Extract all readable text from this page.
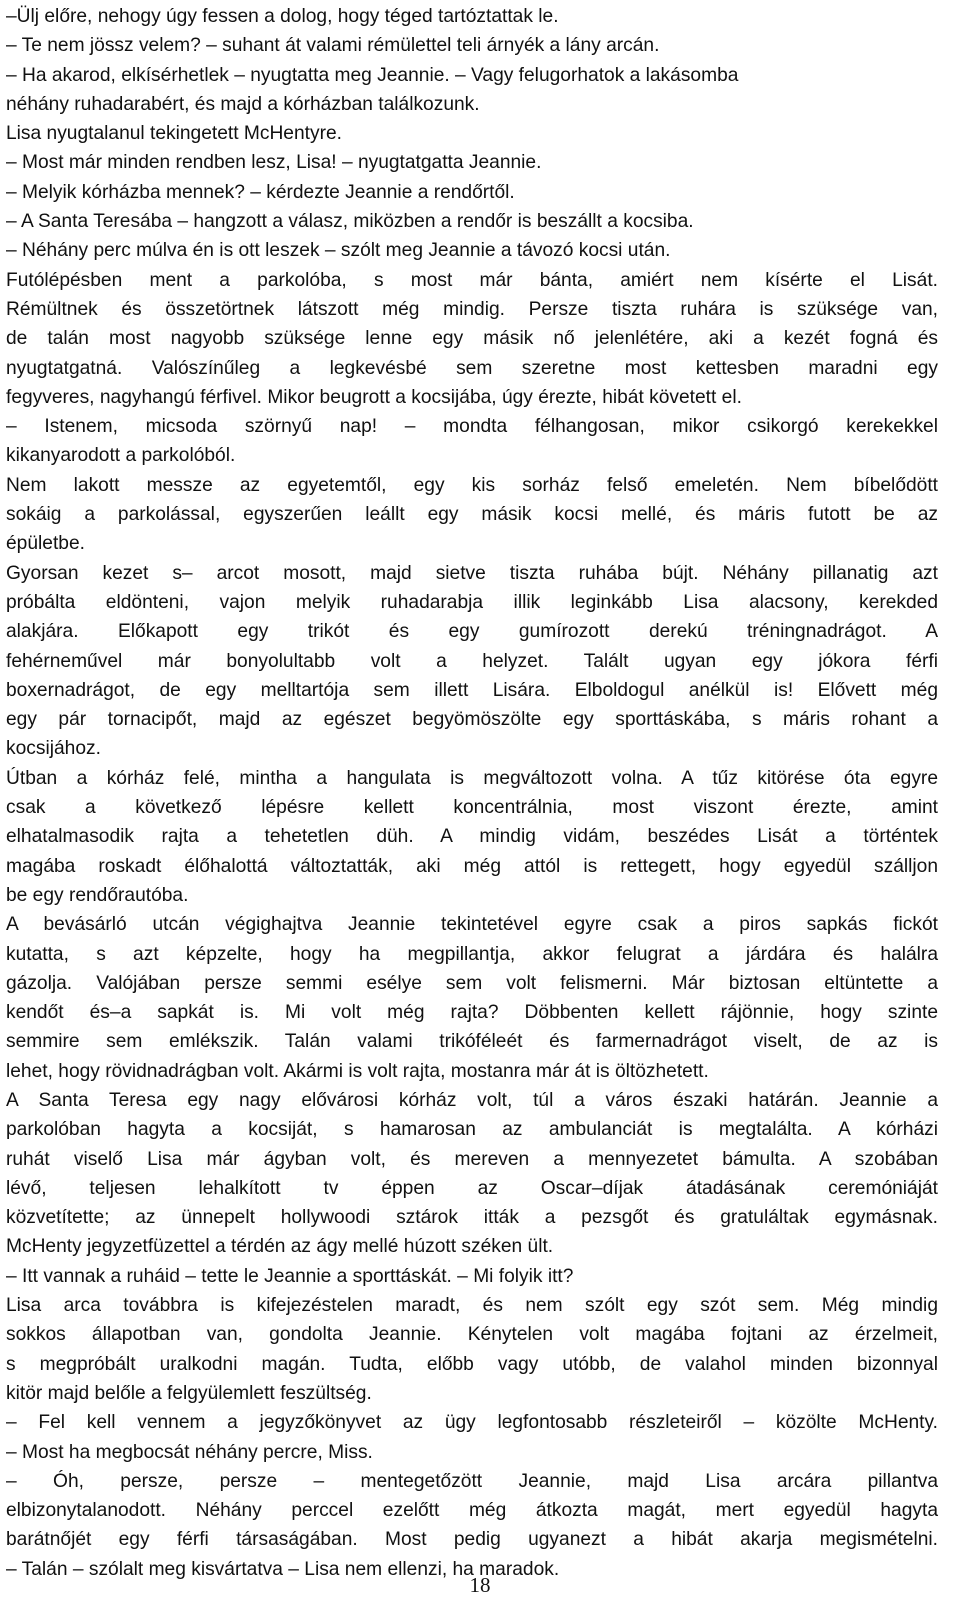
–Ülj előre, nehogy úgy fessen a dolog, hogy téged tartóztattak le.
– Te nem jössz velem? – suhant át valami rémülettel teli árnyék a lány arcán.
– Ha akarod, elkísérhetlek – nyugtatta meg Jeannie. – Vagy felugorhatok a lakásomba
néhány ruhadarabért, és majd a kórházban találkozunk.
Lisa nyugtalanul tekingetett McHentyre.
– Most már minden rendben lesz, Lisa! – nyugtatgatta Jeannie.
– Melyik kórházba mennek? – kérdezte Jeannie a rendőrtől.
– A Santa Teresába – hangzott a válasz, miközben a rendőr is beszállt a kocsiba.
– Néhány perc múlva én is ott leszek – szólt meg Jeannie a távozó kocsi után.
Futólépésben ment a parkolóba, s most már bánta, amiért nem kísérte el Lisát.
Rémültnek és összetörtnek látszott még mindig. Persze tiszta ruhára is szüksége van,
de talán most nagyobb szüksége lenne egy másik nő jelenlétére, aki a kezét fogná és
nyugtatgatná. Valószínűleg a legkevésbé sem szeretne most kettesben maradni egy
fegyveres, nagyhangú férfivel. Mikor beugrott a kocsijába, úgy érezte, hibát követett el.
– Istenem, micsoda szörnyű nap! – mondta félhangosan, mikor csikorgó kerekekkel
kikanyarodott a parkolóból.
Nem lakott messze az egyetemtől, egy kis sorház felső emeletén. Nem bíbelődött
sokáig a parkolással, egyszerűen leállt egy másik kocsi mellé, és máris futott be az
épületbe.
Gyorsan kezet s– arcot mosott, majd sietve tiszta ruhába bújt. Néhány pillanatig azt
próbálta eldönteni, vajon melyik ruhadarabja illik leginkább Lisa alacsony, kerekded
alakjára. Előkapott egy trikót és egy gumírozott derekú tréningnadrágot. A
fehérneművel már bonyolultabb volt a helyzet. Talált ugyan egy jókora férfi
boxernadrágot, de egy melltartója sem illett Lisára. Elboldogul anélkül is! Elővett még
egy pár tornacipőt, majd az egészet begyömöszölte egy sporttáskába, s máris rohant a
kocsijához.
Útban a kórház felé, mintha a hangulata is megváltozott volna. A tűz kitörése óta egyre
csak a következő lépésre kellett koncentrálnia, most viszont érezte, amint
elhatalmasodik rajta a tehetetlen düh. A mindig vidám, beszédes Lisát a történtek
magába roskadt élőhalottá változtatták, aki még attól is rettegett, hogy egyedül szálljon
be egy rendőrautóba.
A bevásárló utcán végighajtva Jeannie tekintetével egyre csak a piros sapkás fickót
kutatta, s azt képzelte, hogy ha megpillantja, akkor felugrat a járdára és halálra
gázolja. Valójában persze semmi esélye sem volt felismerni. Már biztosan eltüntette a
kendőt és–a sapkát is. Mi volt még rajta? Döbbenten kellett rájönnie, hogy szinte
semmire sem emlékszik. Talán valami trikóféleét és farmernadrágot viselt, de az is
lehet, hogy rövidnadrágban volt. Akármi is volt rajta, mostanra már át is öltözhetett.
A Santa Teresa egy nagy elővárosi kórház volt, túl a város északi határán. Jeannie a
parkolóban hagyta a kocsiját, s hamarosan az ambulanciát is megtalálta. A kórházi
ruhát viselő Lisa már ágyban volt, és mereven a mennyezetet bámulta. A szobában
lévő, teljesen lehalkított tv éppen az Oscar–díjak átadásának ceremóniáját
közvetítette; az ünnepelt hollywoodi sztárok itták a pezsgőt és gratuláltak egymásnak.
McHenty jegyzetfüzettel a térdén az ágy mellé húzott széken ült.
– Itt vannak a ruháid – tette le Jeannie a sporttáskát. – Mi folyik itt?
Lisa arca továbbra is kifejezéstelen maradt, és nem szólt egy szót sem. Még mindig
sokkos állapotban van, gondolta Jeannie. Kénytelen volt magába fojtani az érzelmeit,
s megpróbált uralkodni magán. Tudta, előbb vagy utóbb, de valahol minden bizonnyal
kitör majd belőle a felgyülemlett feszültség.
– Fel kell vennem a jegyzőkönyvet az ügy legfontosabb részleteiről – közölte McHenty.
– Most ha megbocsát néhány percre, Miss.
– Óh, persze, persze – mentegetőzött Jeannie, majd Lisa arcára pillantva
elbizonytalanodott. Néhány perccel ezelőtt még átkozta magát, mert egyedül hagyta
barátnőjét egy férfi társaságában. Most pedig ugyanezt a hibát akarja megismételni.
– Talán – szólalt meg kisvártatva – Lisa nem ellenzi, ha maradok.
18
